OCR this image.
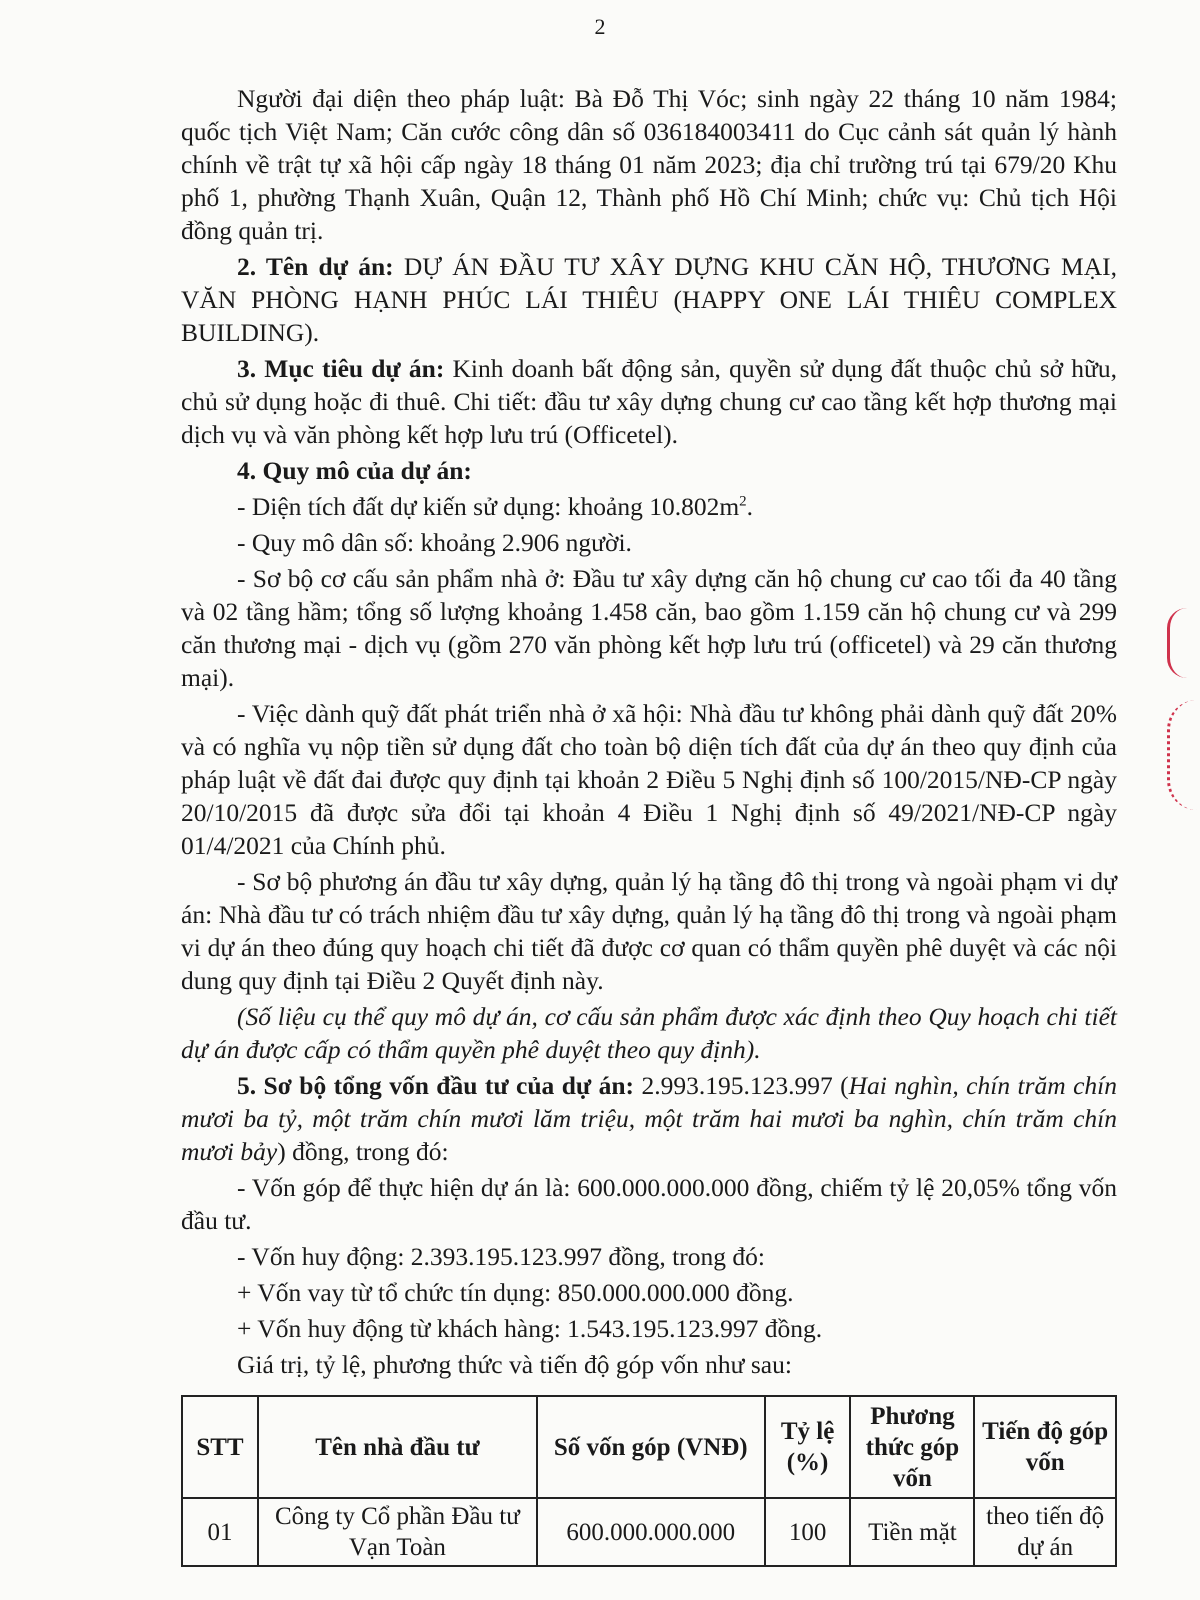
2

Người đại diện theo pháp luật: Bà Đỗ Thị Vóc; sinh ngày 22 tháng 10 năm 1984; quốc tịch Việt Nam; Căn cước công dân số 036184003411 do Cục cảnh sát quản lý hành chính về trật tự xã hội cấp ngày 18 tháng 01 năm 2023; địa chỉ trường trú tại 679/20 Khu phố 1, phường Thạnh Xuân, Quận 12, Thành phố Hồ Chí Minh; chức vụ: Chủ tịch Hội đồng quản trị.

2. Tên dự án: DỰ ÁN ĐẦU TƯ XÂY DỰNG KHU CĂN HỘ, THƯƠNG MẠI, VĂN PHÒNG HẠNH PHÚC LÁI THIÊU (HAPPY ONE LÁI THIÊU COMPLEX BUILDING).

3. Mục tiêu dự án: Kinh doanh bất động sản, quyền sử dụng đất thuộc chủ sở hữu, chủ sử dụng hoặc đi thuê. Chi tiết: đầu tư xây dựng chung cư cao tầng kết hợp thương mại dịch vụ và văn phòng kết hợp lưu trú (Officetel).

4. Quy mô của dự án:

- Diện tích đất dự kiến sử dụng: khoảng $10.802m^2$.

- Quy mô dân số: khoảng 2.906 người.

- Sơ bộ cơ cấu sản phẩm nhà ở: Đầu tư xây dựng căn hộ chung cư cao tối đa 40 tầng và 02 tầng hầm; tổng số lượng khoảng 1.458 căn, bao gồm 1.159 căn hộ chung cư và 299 căn thương mại - dịch vụ (gồm 270 văn phòng kết hợp lưu trú (officetel) và 29 căn thương mại).

- Việc dành quỹ đất phát triển nhà ở xã hội: Nhà đầu tư không phải dành quỹ đất 20% và có nghĩa vụ nộp tiền sử dụng đất cho toàn bộ diện tích đất của dự án theo quy định của pháp luật về đất đai được quy định tại khoản 2 Điều 5 Nghị định số 100/2015/NĐ-CP ngày 20/10/2015 đã được sửa đổi tại khoản 4 Điều 1 Nghị định số 49/2021/NĐ-CP ngày 01/4/2021 của Chính phủ.

- Sơ bộ phương án đầu tư xây dựng, quản lý hạ tầng đô thị trong và ngoài phạm vi dự án: Nhà đầu tư có trách nhiệm đầu tư xây dựng, quản lý hạ tầng đô thị trong và ngoài phạm vi dự án theo đúng quy hoạch chi tiết đã được cơ quan có thẩm quyền phê duyệt và các nội dung quy định tại Điều 2 Quyết định này.

(Số liệu cụ thể quy mô dự án, cơ cấu sản phẩm được xác định theo Quy hoạch chi tiết dự án được cấp có thẩm quyền phê duyệt theo quy định).

5. Sơ bộ tổng vốn đầu tư của dự án: 2.993.195.123.997 (Hai nghìn, chín trăm chín mươi ba tỷ, một trăm chín mươi lăm triệu, một trăm hai mươi ba nghìn, chín trăm chín mươi bảy) đồng, trong đó:

- Vốn góp để thực hiện dự án là: 600.000.000.000 đồng, chiếm tỷ lệ 20,05% tổng vốn đầu tư.

- Vốn huy động: 2.393.195.123.997 đồng, trong đó:

+ Vốn vay từ tổ chức tín dụng: 850.000.000.000 đồng.

+ Vốn huy động từ khách hàng: 1.543.195.123.997 đồng.

Giá trị, tỷ lệ, phương thức và tiến độ góp vốn như sau:

STT	Tên nhà đầu tư	Số vốn góp (VNĐ)	Tỷ lệ (%)	Phương thức góp vốn	Tiến độ góp vốn
01	Công ty Cổ phần Đầu tư Vạn Toàn	600.000.000.000	100	Tiền mặt	theo tiến độ dự án
